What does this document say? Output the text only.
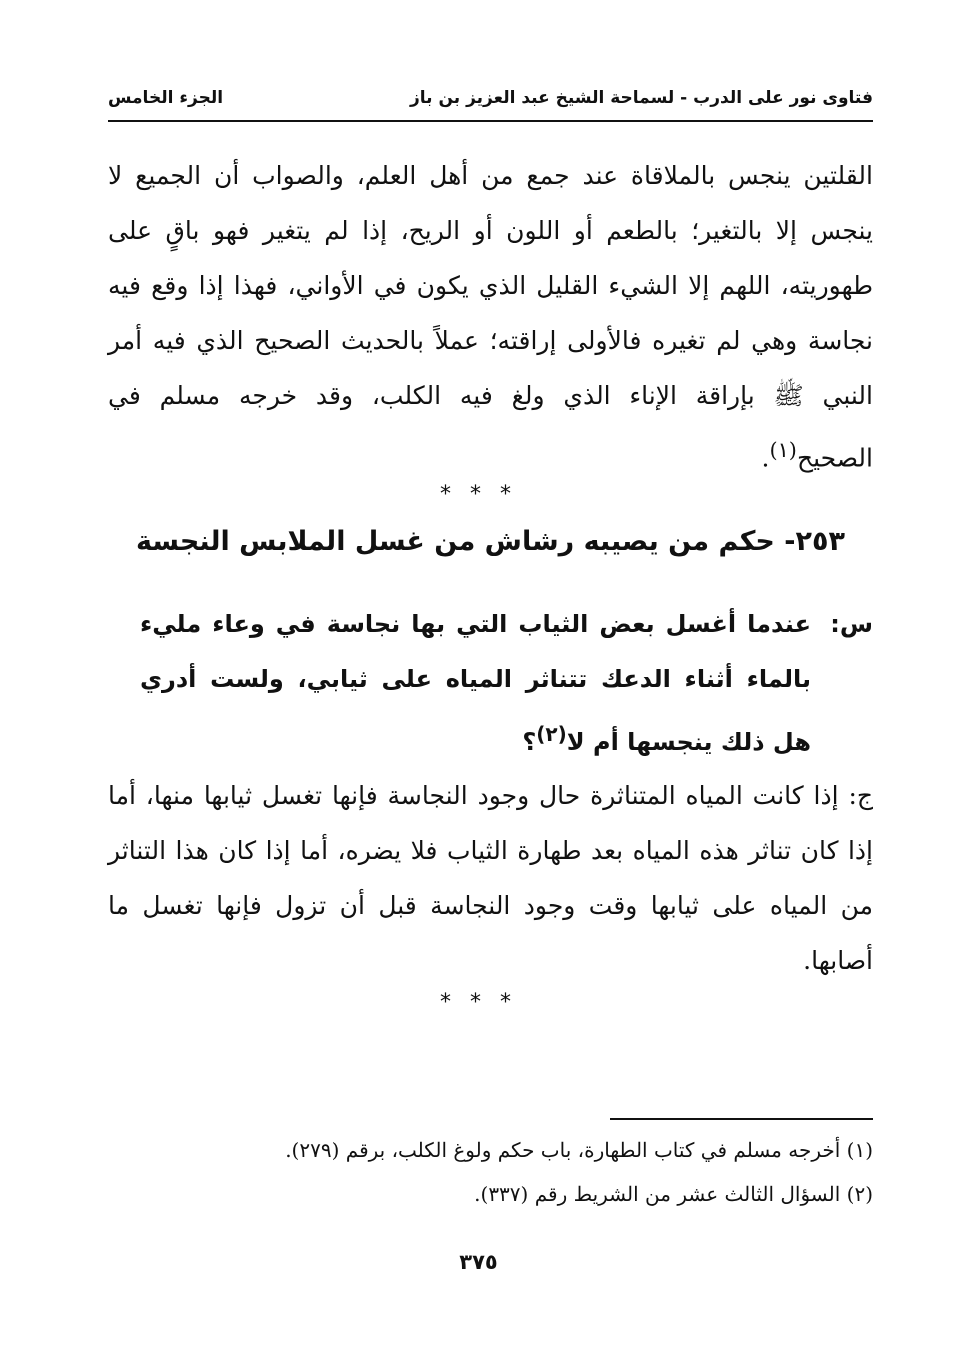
فتاوى نور على الدرب - لسماحة الشيخ عبد العزيز بن باز
الجزء الخامس
القلتين ينجس بالملاقاة عند جمع من أهل العلم، والصواب أن الجميع لا ينجس إلا بالتغير؛ بالطعم أو اللون أو الريح، إذا لم يتغير فهو باقٍ على طهوريته، اللهم إلا الشيء القليل الذي يكون في الأواني، فهذا إذا وقع فيه نجاسة وهي لم تغيره فالأولى إراقته؛ عملاً بالحديث الصحيح الذي فيه أمر النبي ﷺ بإراقة الإناء الذي ولغ فيه الكلب، وقد خرجه مسلم في الصحيح$^{(١)}$.
* * *
٢٥٣- حكم من يصيبه رشاش من غسل الملابس النجسة
س:
عندما أغسل بعض الثياب التي بها نجاسة في وعاء مليء بالماء أثناء الدعك تتناثر المياه على ثيابي، ولست أدري هل ذلك ينجسها أم لا$^{(٢)}$؟
ج: إذا كانت المياه المتناثرة حال وجود النجاسة فإنها تغسل ثيابها منها، أما إذا كان تناثر هذه المياه بعد طهارة الثياب فلا يضره، أما إذا كان هذا التناثر من المياه على ثيابها وقت وجود النجاسة قبل أن تزول فإنها تغسل ما أصابها.
* * *
(١) أخرجه مسلم في كتاب الطهارة، باب حكم ولوغ الكلب، برقم (٢٧٩).
(٢) السؤال الثالث عشر من الشريط رقم (٣٣٧).
٣٧٥
